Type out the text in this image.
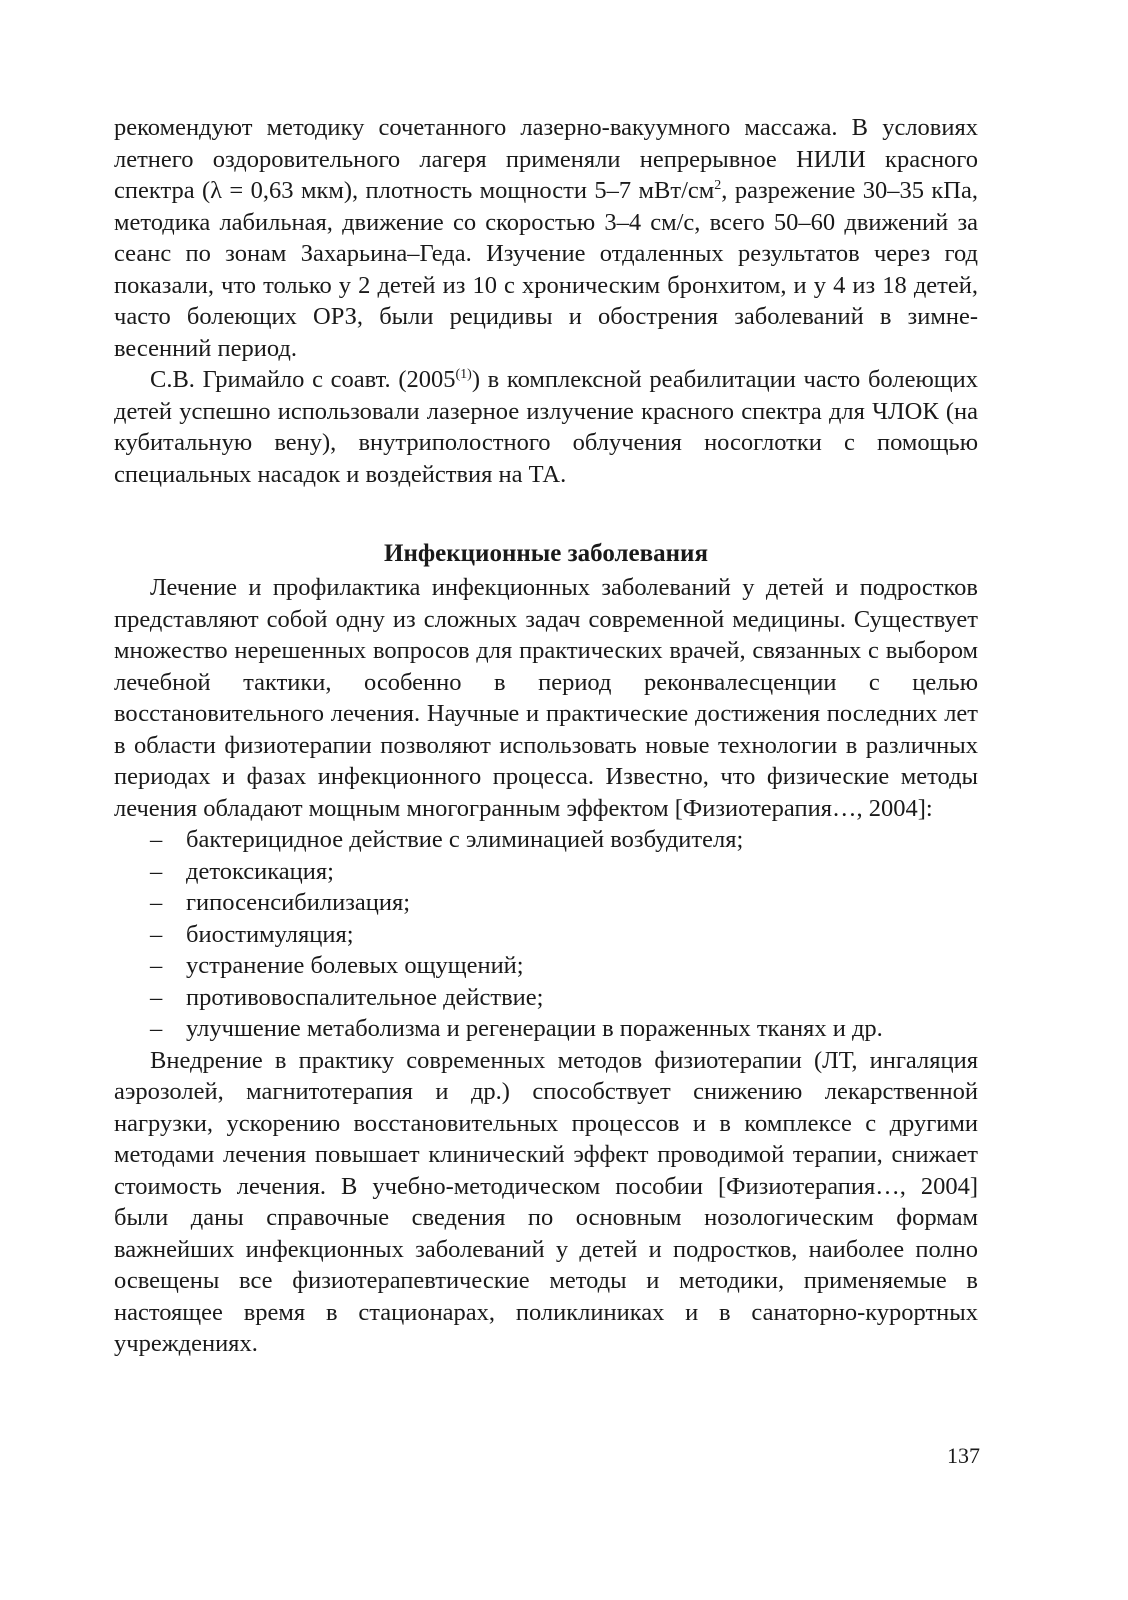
рекомендуют методику сочетанного лазерно-вакуумного массажа. В условиях летнего оздоровительного лагеря применяли непрерывное НИЛИ красного спектра (λ = 0,63 мкм), плотность мощности 5–7 мВт/$см^2$, разрежение 30–35 кПа, методика лабильная, движение со скоростью 3–4 см/с, всего 50–60 движений за сеанс по зонам Захарьина–Геда. Изучение отдаленных результатов через год показали, что только у 2 детей из 10 с хроническим бронхитом, и у 4 из 18 детей, часто болеющих ОРЗ, были рецидивы и обострения заболеваний в зимне-весенний период.

С.В. Гримайло с соавт. (2005$^{(1)}$) в комплексной реабилитации часто болеющих детей успешно использовали лазерное излучение красного спектра для ЧЛОК (на кубитальную вену), внутриполостного облучения носоглотки с помощью специальных насадок и воздействия на ТА.

Инфекционные заболевания

Лечение и профилактика инфекционных заболеваний у детей и подростков представляют собой одну из сложных задач современной медицины. Существует множество нерешенных вопросов для практических врачей, связанных с выбором лечебной тактики, особенно в период реконвалесценции с целью восстановительного лечения. Научные и практические достижения последних лет в области физиотерапии позволяют использовать новые технологии в различных периодах и фазах инфекционного процесса. Известно, что физические методы лечения обладают мощным многогранным эффектом [Физиотерапия…, 2004]:

– бактерицидное действие с элиминацией возбудителя;
– детоксикация;
– гипосенсибилизация;
– биостимуляция;
– устранение болевых ощущений;
– противовоспалительное действие;
– улучшение метаболизма и регенерации в пораженных тканях и др.

Внедрение в практику современных методов физиотерапии (ЛТ, ингаляция аэрозолей, магнитотерапия и др.) способствует снижению лекарственной нагрузки, ускорению восстановительных процессов и в комплексе с другими методами лечения повышает клинический эффект проводимой терапии, снижает стоимость лечения. В учебно-методическом пособии [Физиотерапия…, 2004] были даны справочные сведения по основным нозологическим формам важнейших инфекционных заболеваний у детей и подростков, наиболее полно освещены все физиотерапевтические методы и методики, применяемые в настоящее время в стационарах, поликлиниках и в санаторно-курортных учреждениях.

137
